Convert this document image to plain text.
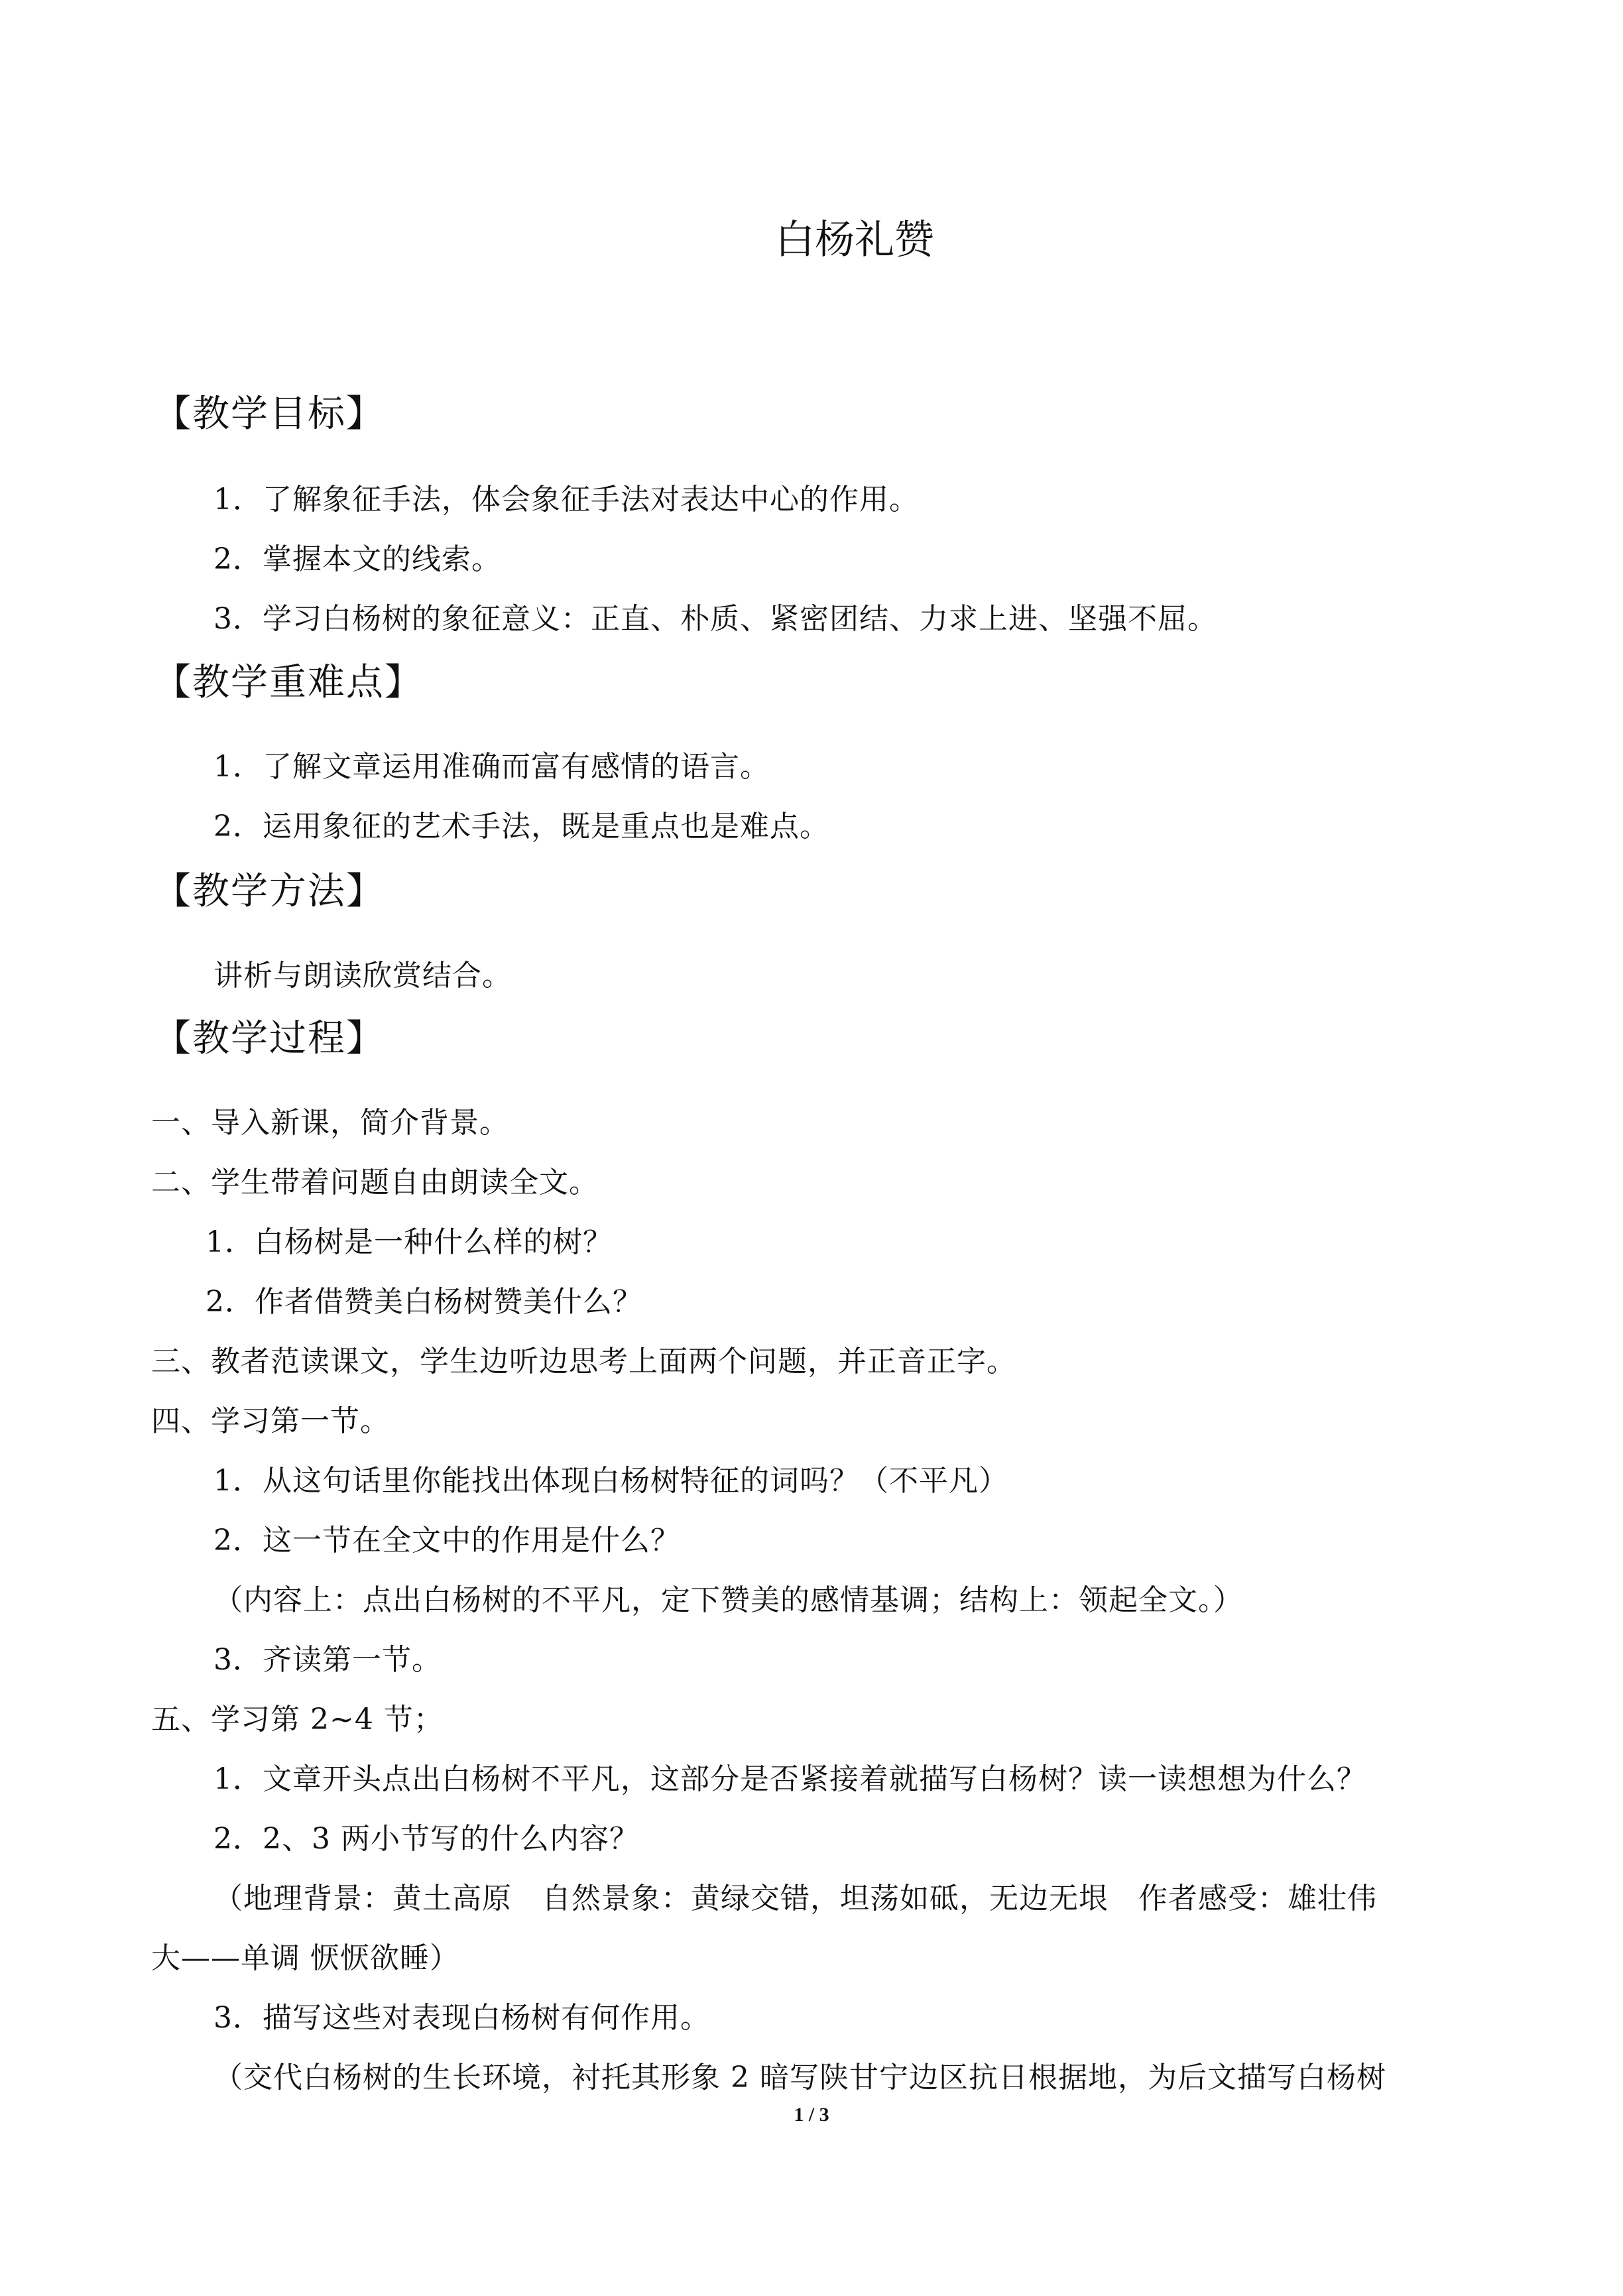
白杨礼赞
【教学目标】
1．了解象征手法，体会象征手法对表达中心的作用。
2．掌握本文的线索。
3．学习白杨树的象征意义：正直、朴质、紧密团结、力求上进、坚强不屈。
【教学重难点】
1．了解文章运用准确而富有感情的语言。
2．运用象征的艺术手法，既是重点也是难点。
【教学方法】
讲析与朗读欣赏结合。
【教学过程】
一、导入新课，简介背景。
二、学生带着问题自由朗读全文。
1．白杨树是一种什么样的树？
2．作者借赞美白杨树赞美什么？
三、教者范读课文，学生边听边思考上面两个问题，并正音正字。
四、学习第一节。
1．从这句话里你能找出体现白杨树特征的词吗？（不平凡）
2．这一节在全文中的作用是什么？
（内容上：点出白杨树的不平凡，定下赞美的感情基调；结构上：领起全文。）
3．齐读第一节。
五、学习第 2~4 节；
1．文章开头点出白杨树不平凡，这部分是否紧接着就描写白杨树？读一读想想为什么？
2．2、3 两小节写的什么内容？
（地理背景：黄土高原　自然景象：黄绿交错，坦荡如砥，无边无垠　作者感受：雄壮伟
大——单调 恹恹欲睡）
3．描写这些对表现白杨树有何作用。
（交代白杨树的生长环境，衬托其形象 2 暗写陕甘宁边区抗日根据地，为后文描写白杨树
1 / 3
